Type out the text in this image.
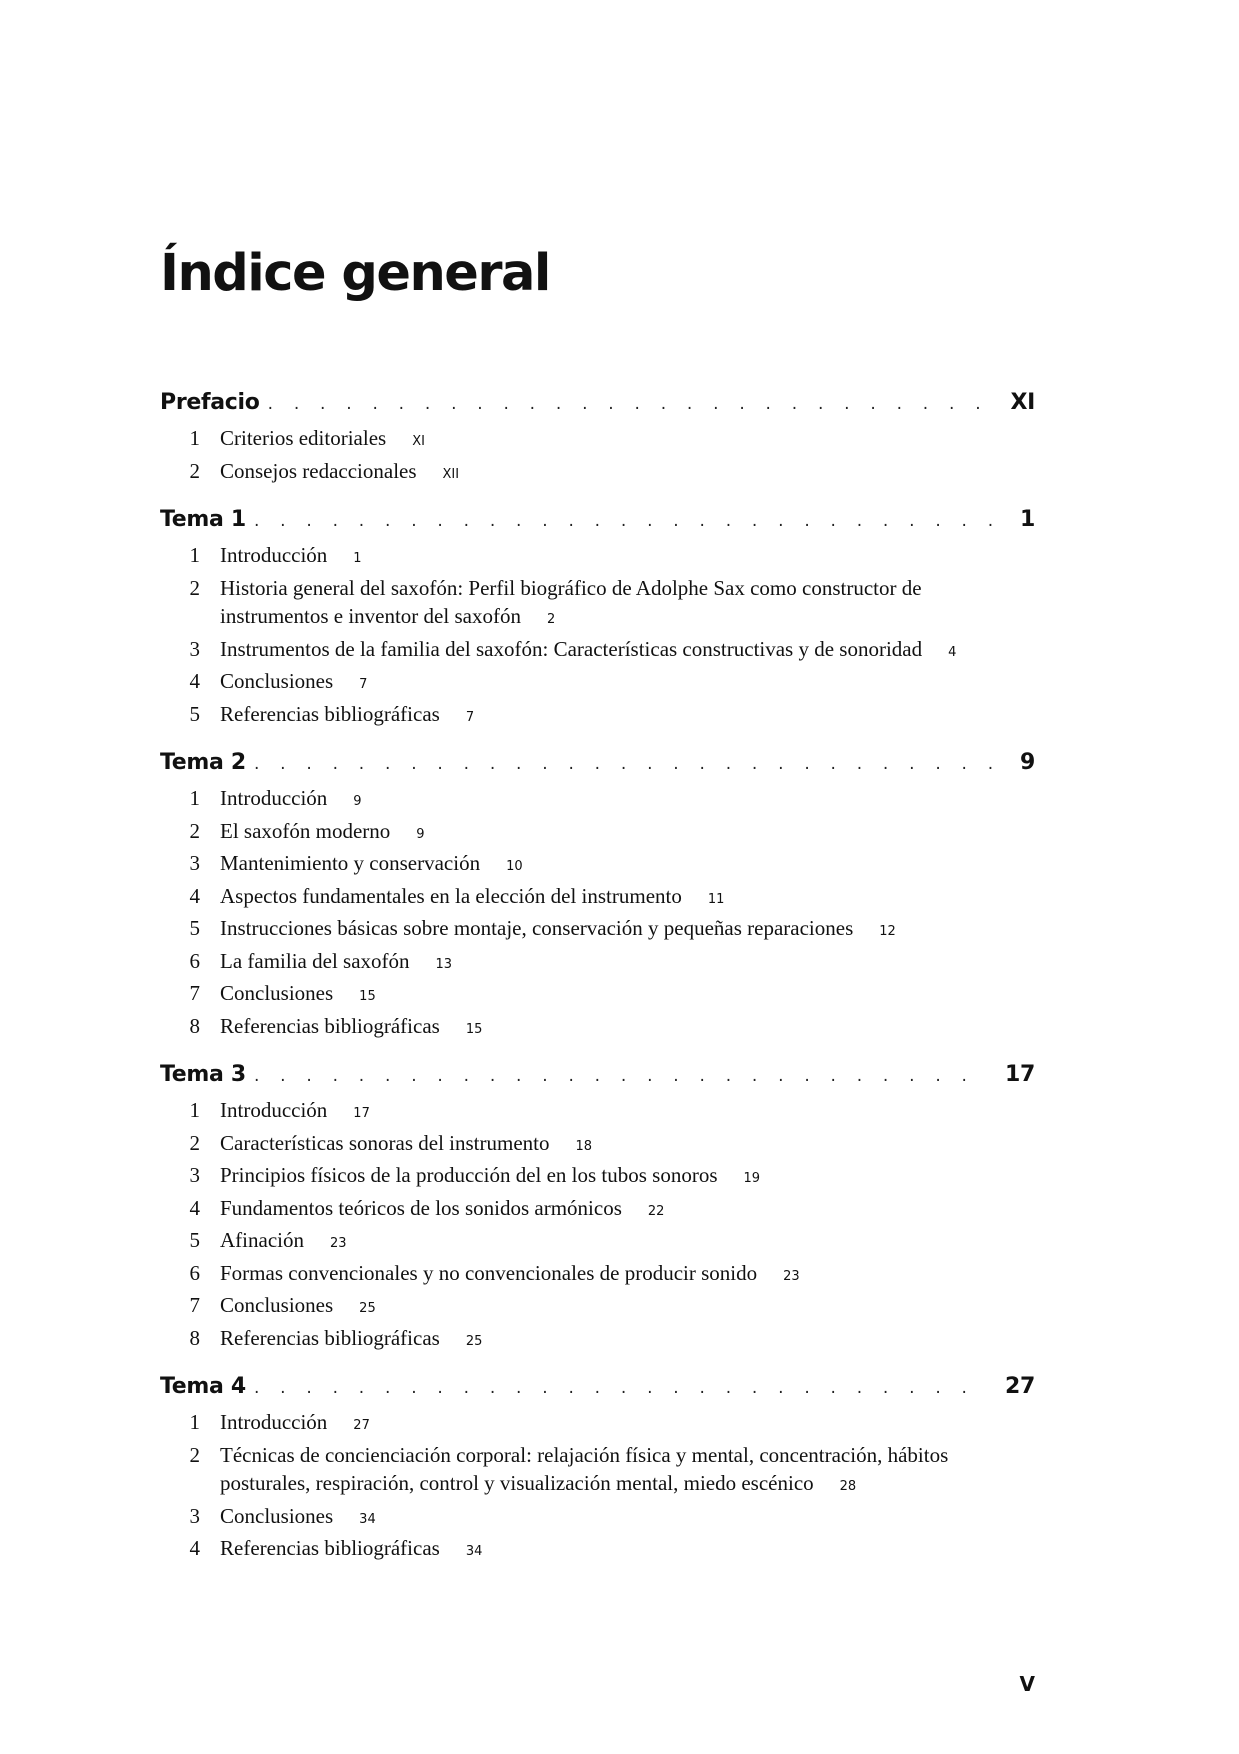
Índice general
Prefacio . . .	XI
1 Criterios editoriales XI
2 Consejos redaccionales XII
Tema 1 . . .	1
1 Introducción 1
2 Historia general del saxofón: Perfil biográfico de Adolphe Sax como constructor de instrumentos e inventor del saxofón 2
3 Instrumentos de la familia del saxofón: Características constructivas y de sonoridad 4
4 Conclusiones 7
5 Referencias bibliográficas 7
Tema 2 . . .	9
1 Introducción 9
2 El saxofón moderno 9
3 Mantenimiento y conservación 10
4 Aspectos fundamentales en la elección del instrumento 11
5 Instrucciones básicas sobre montaje, conservación y pequeñas reparaciones 12
6 La familia del saxofón 13
7 Conclusiones 15
8 Referencias bibliográficas 15
Tema 3 . . .	17
1 Introducción 17
2 Características sonoras del instrumento 18
3 Principios físicos de la producción del en los tubos sonoros 19
4 Fundamentos teóricos de los sonidos armónicos 22
5 Afinación 23
6 Formas convencionales y no convencionales de producir sonido 23
7 Conclusiones 25
8 Referencias bibliográficas 25
Tema 4 . . .	27
1 Introducción 27
2 Técnicas de concienciación corporal: relajación física y mental, concentración, hábitos posturales, respiración, control y visualización mental, miedo escénico 28
3 Conclusiones 34
4 Referencias bibliográficas 34
V
